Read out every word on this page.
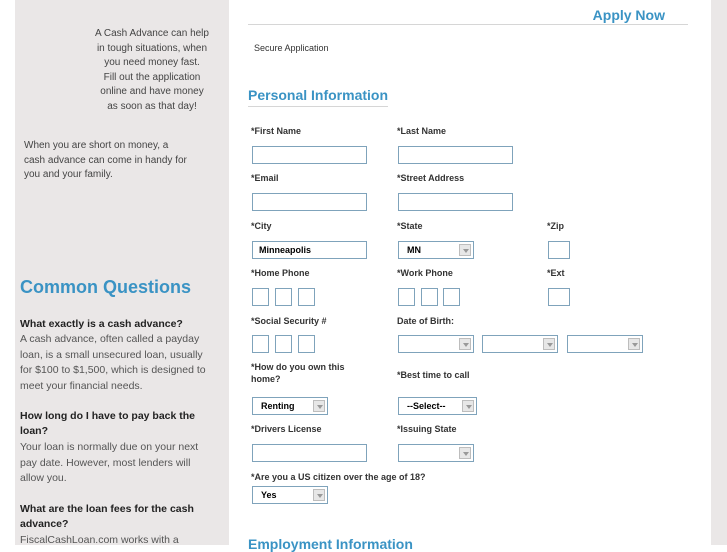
A Cash Advance can help
in tough situations, when
you need money fast.
Fill out the application
online and have money
as soon as that day!
When you are short on money, a
cash advance can come in handy for
you and your family.
Common Questions
What exactly is a cash advance?
A cash advance, often called a payday
loan, is a small unsecured loan, usually
for $100 to $1,500, which is designed to
meet your financial needs.
How long do I have to pay back the
loan?
Your loan is normally due on your next
pay date. However, most lenders will
allow you.
What are the loan fees for the cash
advance?
FiscalCashLoan.com works with a
Apply Now
Secure Application
Personal Information
*First Name	*Last Name
*Email	*Street Address
*City	*State	*Zip
Minneapolis	MN
*Home Phone	*Work Phone	*Ext
*Social Security #	Date of Birth:
*How do you own this
home?	*Best time to call
Renting	--Select--
*Drivers License	*Issuing State
*Are you a US citizen over the age of 18?
Yes
Employment Information
